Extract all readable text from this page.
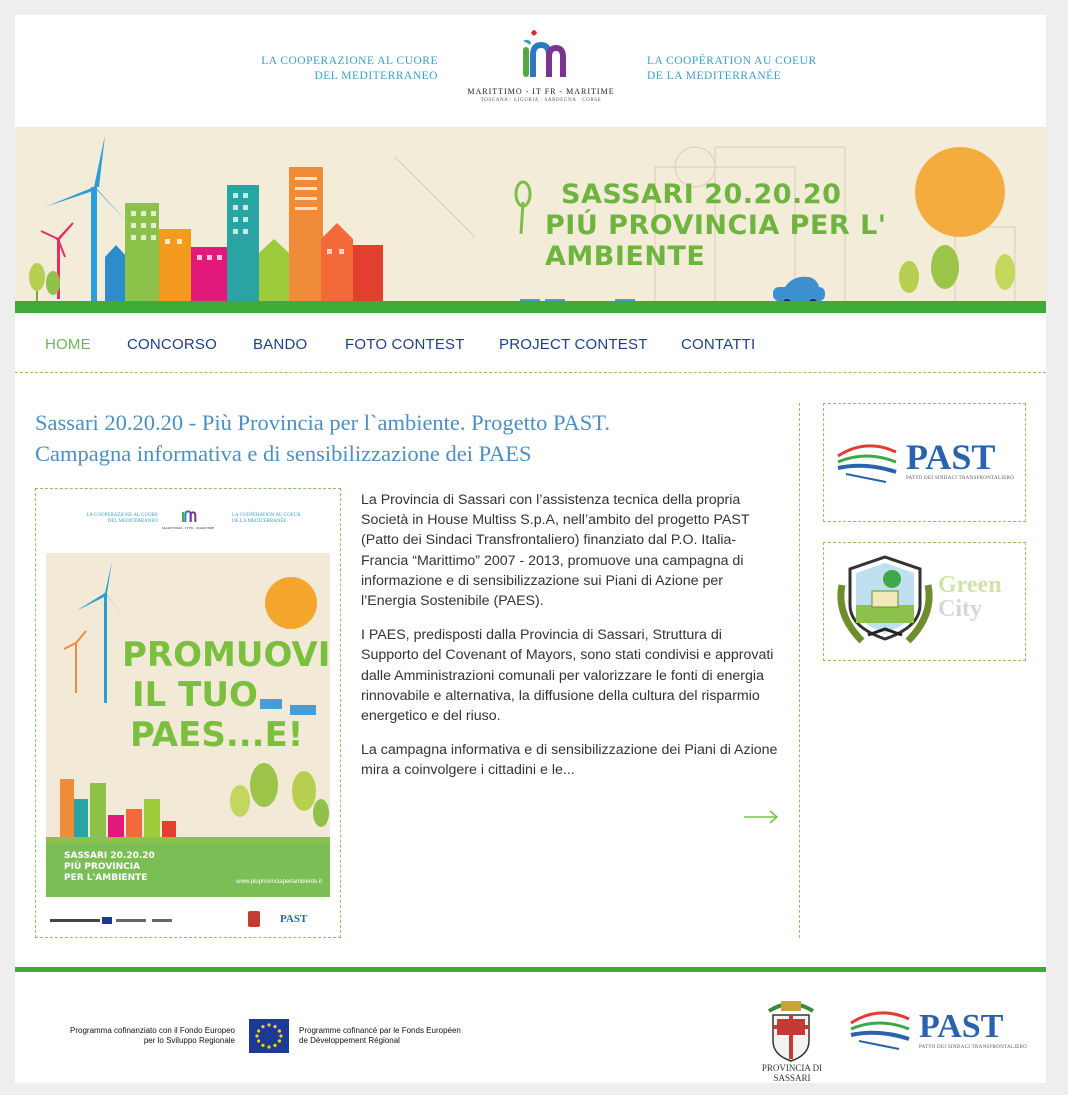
LA COOPERAZIONE AL CUORE
DEL MEDITERRANEO
MARITTIMO - IT FR - MARITIME
TOSCANA · LIGURIA · SARDEGNA · CORSE
LA COOPÉRATION AU COEUR
DE LA MEDITERRANÉE
SASSARI 20.20.20
PIÚ PROVINCIA PER L' AMBIENTE
HOME CONCORSO BANDO	FOTO CONTEST PROJECT CONTEST CONTATTI
Sassari 20.20.20 - Più Provincia per l`ambiente. Progetto PAST.
Campagna informativa e di sensibilizzazione dei PAES
LA COOPERAZIONE AL CUORE
DEL MEDITERRANEO
MARITTIMO - IT FR - MARITIME
LA COOPÉRATION AU COEUR
DE LA MEDITERRANÉE
PROMUOVI
IL TUO
PAES...E!
SASSARI 20.20.20
PIÙ PROVINCIA
PER L'AMBIENTE	www.piuprovinciaperlambiente.it
PAST

La Provincia di Sassari con l’assistenza tecnica della propria Società in House Multiss S.p.A, nell’ambito del progetto PAST (Patto dei Sindaci Transfrontaliero) finanziato dal P.O. Italia-Francia “Marittimo” 2007 - 2013, promuove una campagna di informazione e di sensibilizzazione sui Piani di Azione per l’Energia Sostenibile (PAES).

I PAES, predisposti dalla Provincia di Sassari, Struttura di Supporto del Covenant of Mayors, sono stati condivisi e approvati dalle Amministrazioni comunali per valorizzare le fonti di energia rinnovabile e alternativa, la diffusione della cultura del risparmio energetico e del riuso.

La campagna informativa e di sensibilizzazione dei Piani di Azione mira a coinvolgere i cittadini e le...

PAST
PATTO DEI SINDACI TRANSFRONTALIERO
Green
City
Programma cofinanziato con il Fondo Europeo
per lo Sviluppo Regionale
Programme cofinancé par le Fonds Européen
de Développement Régional
PROVINCIA DI SASSARI
PAST
PATTO DEI SINDACI TRANSFRONTALIERO
